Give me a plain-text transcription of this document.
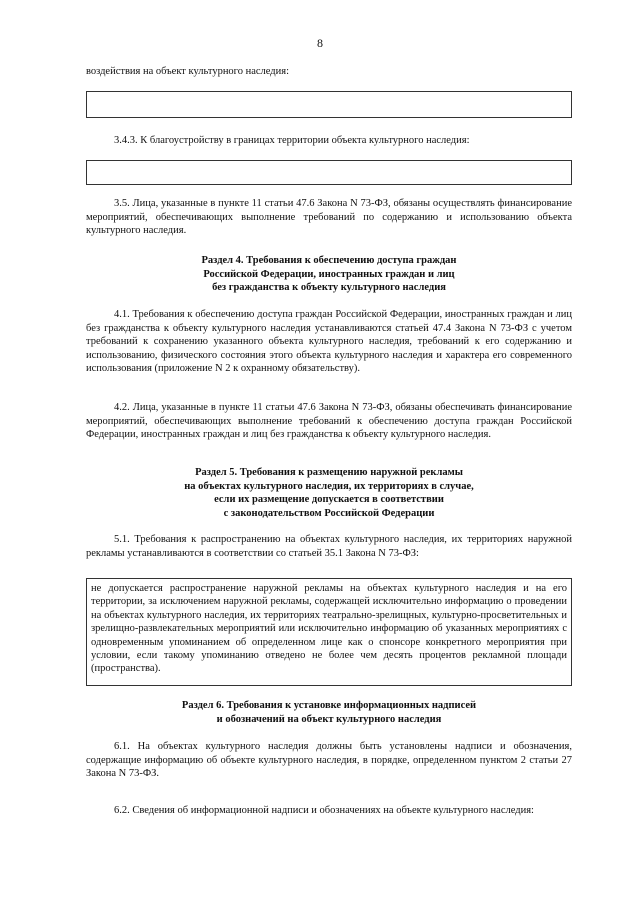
8
воздействия на объект культурного наследия:
3.4.3. К благоустройству в границах территории объекта культурного наследия:
3.5. Лица, указанные в пункте 11 статьи 47.6 Закона N 73-ФЗ, обязаны осуществлять финансирование мероприятий, обеспечивающих выполнение требований по содержанию и использованию объекта культурного наследия.
Раздел 4. Требования к обеспечению доступа граждан
Российской Федерации, иностранных граждан и лиц
без гражданства к объекту культурного наследия
4.1. Требования к обеспечению доступа граждан Российской Федерации, иностранных граждан и лиц без гражданства к объекту культурного наследия устанавливаются статьей 47.4 Закона N 73-ФЗ с учетом требований к сохранению указанного объекта культурного наследия, требований к его содержанию и использованию, физического состояния этого объекта культурного наследия и характера его современного использования (приложение N 2 к охранному обязательству).
4.2. Лица, указанные в пункте 11 статьи 47.6 Закона N 73-ФЗ, обязаны обеспечивать финансирование мероприятий, обеспечивающих выполнение требований к обеспечению доступа граждан Российской Федерации, иностранных граждан и лиц без гражданства к объекту культурного наследия.
Раздел 5. Требования к размещению наружной рекламы
на объектах культурного наследия, их территориях в случае,
если их размещение допускается в соответствии
с законодательством Российской Федерации
5.1. Требования к распространению на объектах культурного наследия, их территориях наружной рекламы устанавливаются в соответствии со статьей 35.1 Закона N 73-ФЗ:
не допускается распространение наружной рекламы на объектах культурного наследия и на его территории, за исключением наружной рекламы, содержащей исключительно информацию о проведении на объектах культурного наследия, их территориях театрально-зрелищных, культурно-просветительных и зрелищно-развлекательных мероприятий или исключительно информацию об указанных мероприятиях с одновременным упоминанием об определенном лице как о спонсоре конкретного мероприятия при условии, если такому упоминанию отведено не более чем десять процентов рекламной площади (пространства).
Раздел 6. Требования к установке информационных надписей
и обозначений на объект культурного наследия
6.1. На объектах культурного наследия должны быть установлены надписи и обозначения, содержащие информацию об объекте культурного наследия, в порядке, определенном пунктом 2 статьи 27 Закона N 73-ФЗ.
6.2. Сведения об информационной надписи и обозначениях на объекте культурного наследия:
